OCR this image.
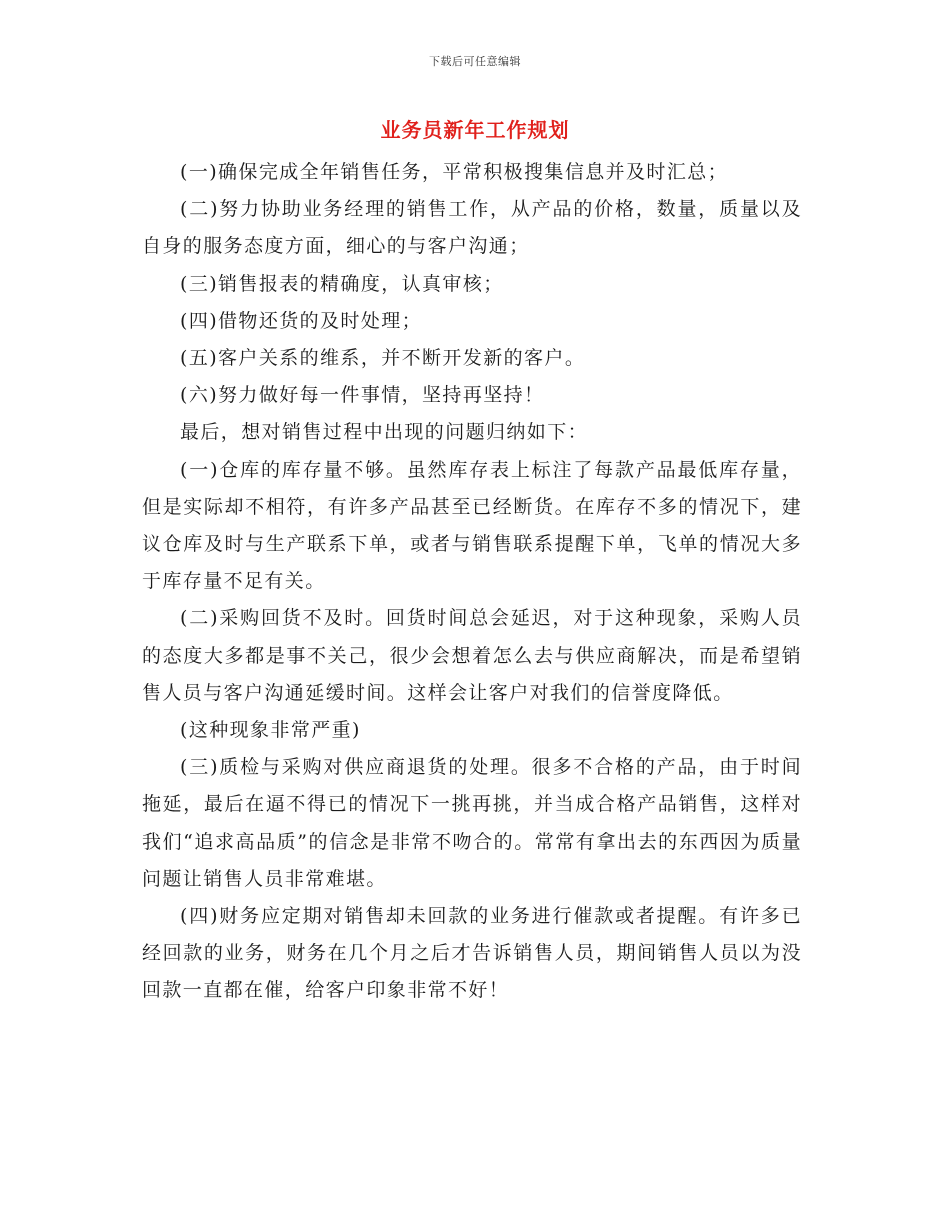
下载后可任意编辑
业务员新年工作规划

(一)确保完成全年销售任务，平常积极搜集信息并及时汇总；

(二)努力协助业务经理的销售工作，从产品的价格，数量，质量以及自身的服务态度方面，细心的与客户沟通；

(三)销售报表的精确度，认真审核；

(四)借物还货的及时处理；

(五)客户关系的维系，并不断开发新的客户。

(六)努力做好每一件事情，坚持再坚持！

最后，想对销售过程中出现的问题归纳如下：

(一)仓库的库存量不够。虽然库存表上标注了每款产品最低库存量，但是实际却不相符，有许多产品甚至已经断货。在库存不多的情况下，建议仓库及时与生产联系下单，或者与销售联系提醒下单，飞单的情况大多于库存量不足有关。

(二)采购回货不及时。回货时间总会延迟，对于这种现象，采购人员的态度大多都是事不关己，很少会想着怎么去与供应商解决，而是希望销售人员与客户沟通延缓时间。这样会让客户对我们的信誉度降低。

(这种现象非常严重)

(三)质检与采购对供应商退货的处理。很多不合格的产品，由于时间拖延，最后在逼不得已的情况下一挑再挑，并当成合格产品销售，这样对我们“追求高品质”的信念是非常不吻合的。常常有拿出去的东西因为质量问题让销售人员非常难堪。

(四)财务应定期对销售却未回款的业务进行催款或者提醒。有许多已经回款的业务，财务在几个月之后才告诉销售人员，期间销售人员以为没回款一直都在催，给客户印象非常不好！
